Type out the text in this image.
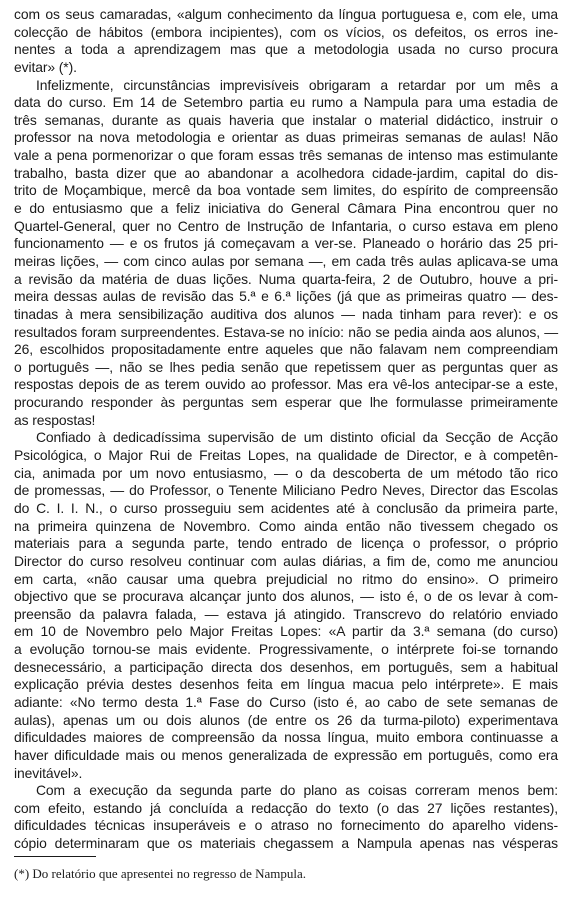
com os seus camaradas, «algum conhecimento da língua portuguesa e, com ele, uma
colecção de hábitos (embora incipientes), com os vícios, os defeitos, os erros ine-
nentes a toda a aprendizagem mas que a metodologia usada no curso procura
evitar» (*).
Infelizmente, circunstâncias imprevisíveis obrigaram a retardar por um mês a
data do curso. Em 14 de Setembro partia eu rumo a Nampula para uma estadia de
três semanas, durante as quais haveria que instalar o material didáctico, instruir o
professor na nova metodologia e orientar as duas primeiras semanas de aulas! Não
vale a pena pormenorizar o que foram essas três semanas de intenso mas estimulante
trabalho, basta dizer que ao abandonar a acolhedora cidade-jardim, capital do dis-
trito de Moçambique, mercê da boa vontade sem limites, do espírito de compreensão
e do entusiasmo que a feliz iniciativa do General Câmara Pina encontrou quer no
Quartel-General, quer no Centro de Instrução de Infantaria, o curso estava em pleno
funcionamento — e os frutos já começavam a ver-se. Planeado o horário das 25 pri-
meiras lições, — com cinco aulas por semana —, em cada três aulas aplicava-se uma
a revisão da matéria de duas lições. Numa quarta-feira, 2 de Outubro, houve a pri-
meira dessas aulas de revisão das 5.ª e 6.ª lições (já que as primeiras quatro — des-
tinadas à mera sensibilização auditiva dos alunos — nada tinham para rever): e os
resultados foram surpreendentes. Estava-se no início: não se pedia ainda aos alunos, —
26, escolhidos propositadamente entre aqueles que não falavam nem compreendiam
o português —, não se lhes pedia senão que repetissem quer as perguntas quer as
respostas depois de as terem ouvido ao professor. Mas era vê-los antecipar-se a este,
procurando responder às perguntas sem esperar que lhe formulasse primeiramente
as respostas!
Confiado à dedicadíssima supervisão de um distinto oficial da Secção de Acção
Psicológica, o Major Rui de Freitas Lopes, na qualidade de Director, e à competên-
cia, animada por um novo entusiasmo, — o da descoberta de um método tão rico
de promessas, — do Professor, o Tenente Miliciano Pedro Neves, Director das Escolas
do C. I. I. N., o curso prosseguiu sem acidentes até à conclusão da primeira parte,
na primeira quinzena de Novembro. Como ainda então não tivessem chegado os
materiais para a segunda parte, tendo entrado de licença o professor, o próprio
Director do curso resolveu continuar com aulas diárias, a fim de, como me anunciou
em carta, «não causar uma quebra prejudicial no ritmo do ensino». O primeiro
objectivo que se procurava alcançar junto dos alunos, — isto é, o de os levar à com-
preensão da palavra falada, — estava já atingido. Transcrevo do relatório enviado
em 10 de Novembro pelo Major Freitas Lopes: «A partir da 3.ª semana (do curso)
a evolução tornou-se mais evidente. Progressivamente, o intérprete foi-se tornando
desnecessário, a participação directa dos desenhos, em português, sem a habitual
explicação prévia destes desenhos feita em língua macua pelo intérprete». E mais
adiante: «No termo desta 1.ª Fase do Curso (isto é, ao cabo de sete semanas de
aulas), apenas um ou dois alunos (de entre os 26 da turma-piloto) experimentava
dificuldades maiores de compreensão da nossa língua, muito embora continuasse a
haver dificuldade mais ou menos generalizada de expressão em português, como era
inevitável».
Com a execução da segunda parte do plano as coisas correram menos bem:
com efeito, estando já concluída a redacção do texto (o das 27 lições restantes),
dificuldades técnicas insuperáveis e o atraso no fornecimento do aparelho videns-
cópio determinaram que os materiais chegassem a Nampula apenas nas vésperas
(*) Do relatório que apresentei no regresso de Nampula.
